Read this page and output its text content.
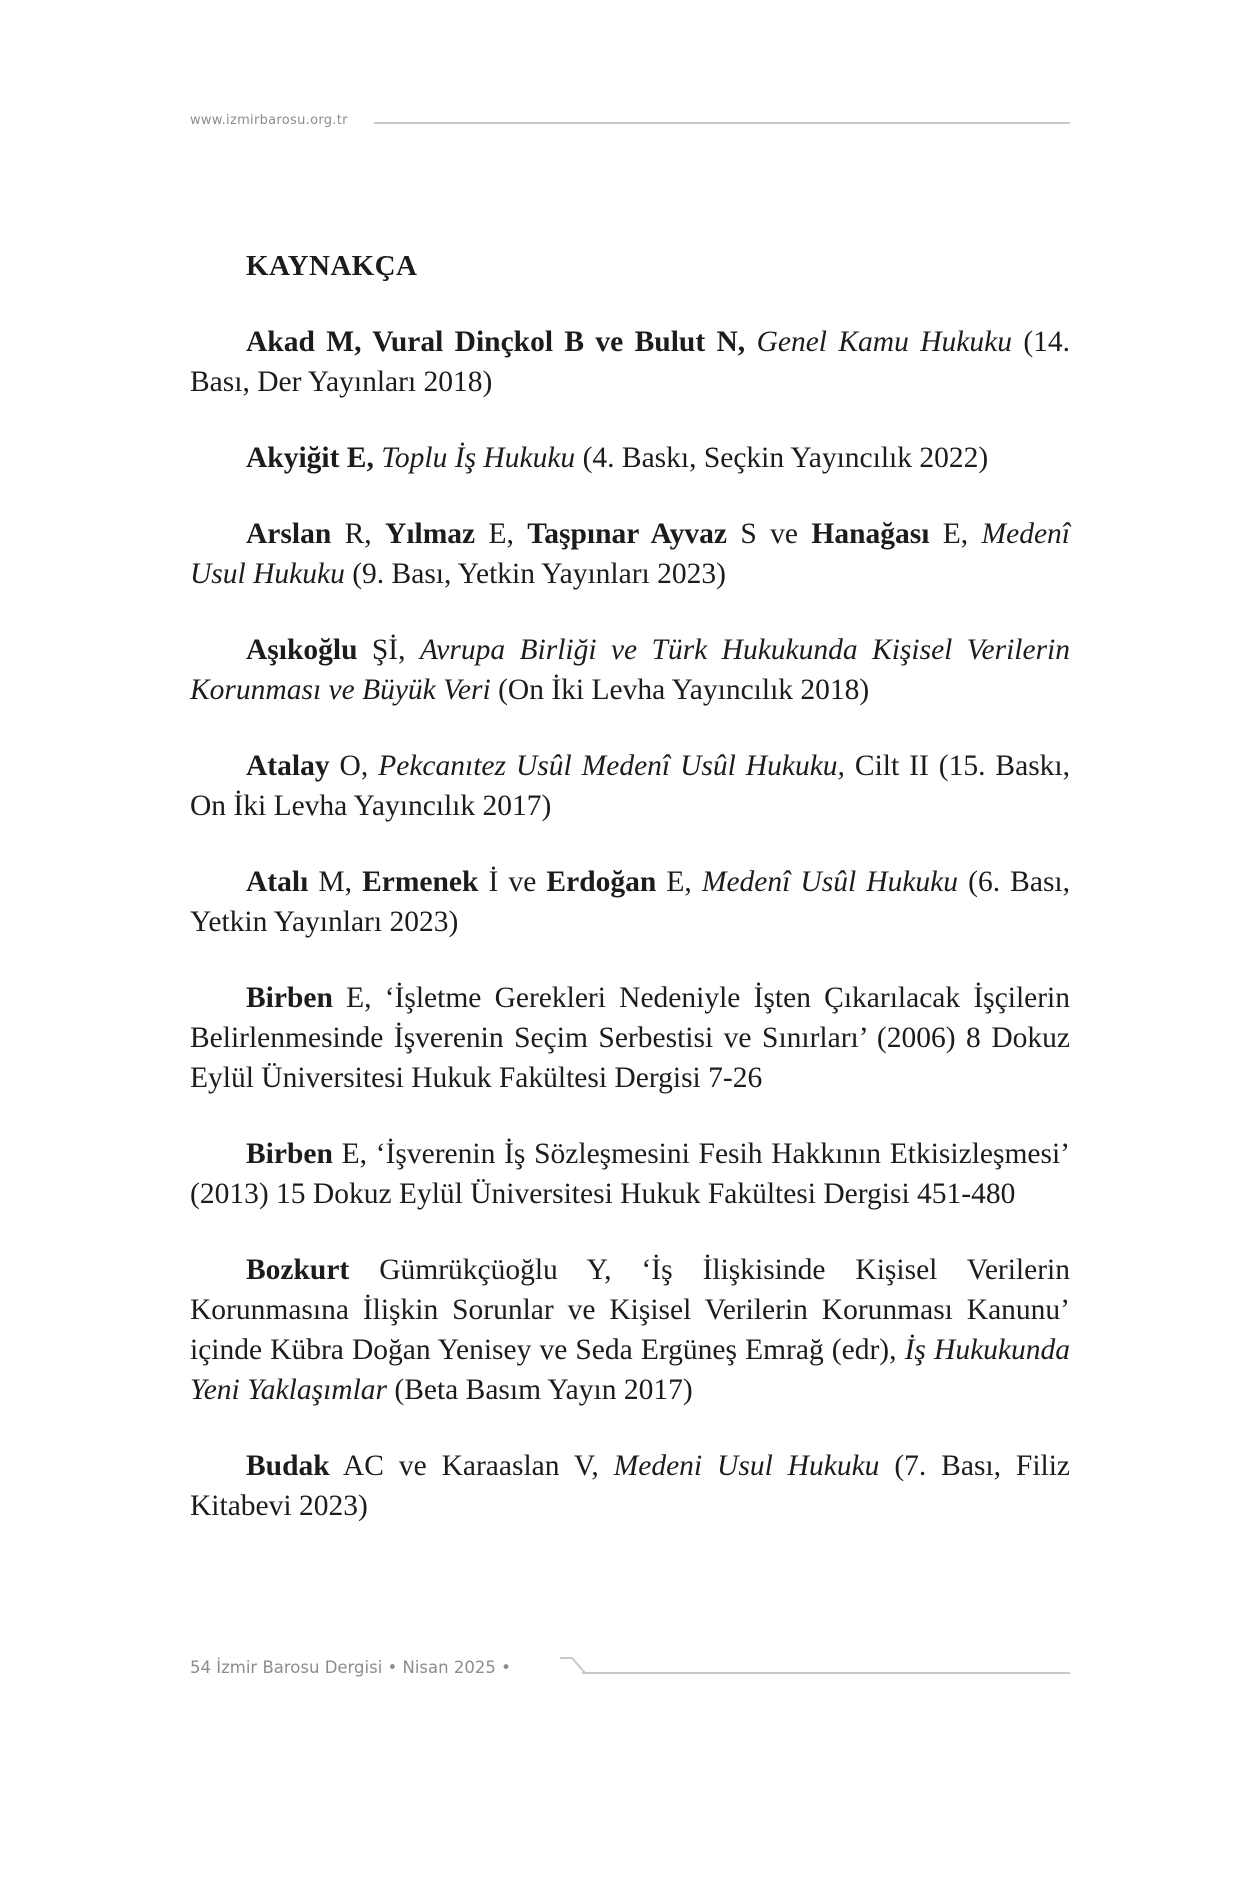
www.izmirbarosu.org.tr

KAYNAKÇA

Akad M, Vural Dinçkol B ve Bulut N, Genel Kamu Hukuku (14. Bası, Der Yayınları 2018)

Akyiğit E, Toplu İş Hukuku (4. Baskı, Seçkin Yayıncılık 2022)

Arslan R, Yılmaz E, Taşpınar Ayvaz S ve Hanağası E, Medenî Usul Hukuku (9. Bası, Yetkin Yayınları 2023)

Aşıkoğlu Şİ, Avrupa Birliği ve Türk Hukukunda Kişisel Verilerin Korunması ve Büyük Veri (On İki Levha Yayıncılık 2018)

Atalay O, Pekcanıtez Usûl Medenî Usûl Hukuku, Cilt II (15. Baskı, On İki Levha Yayıncılık 2017)

Atalı M, Ermenek İ ve Erdoğan E, Medenî Usûl Hukuku (6. Bası, Yetkin Yayınları 2023)

Birben E, ‘İşletme Gerekleri Nedeniyle İşten Çıkarılacak İşçilerin Belirlenmesinde İşverenin Seçim Serbestisi ve Sınırları’ (2006) 8 Dokuz Eylül Üniversitesi Hukuk Fakültesi Dergisi 7-26

Birben E, ‘İşverenin İş Sözleşmesini Fesih Hakkının Etkisizleşmesi’ (2013) 15 Dokuz Eylül Üniversitesi Hukuk Fakültesi Dergisi 451-480

Bozkurt Gümrükçüoğlu Y, ‘İş İlişkisinde Kişisel Verilerin Korunmasına İlişkin Sorunlar ve Kişisel Verilerin Korunması Kanunu’ içinde Kübra Doğan Yenisey ve Seda Ergüneş Emrağ (edr), İş Hukukunda Yeni Yaklaşımlar (Beta Basım Yayın 2017)

Budak AC ve Karaaslan V, Medeni Usul Hukuku (7. Bası, Filiz Kitabevi 2023)

54 İzmir Barosu Dergisi • Nisan 2025 •
